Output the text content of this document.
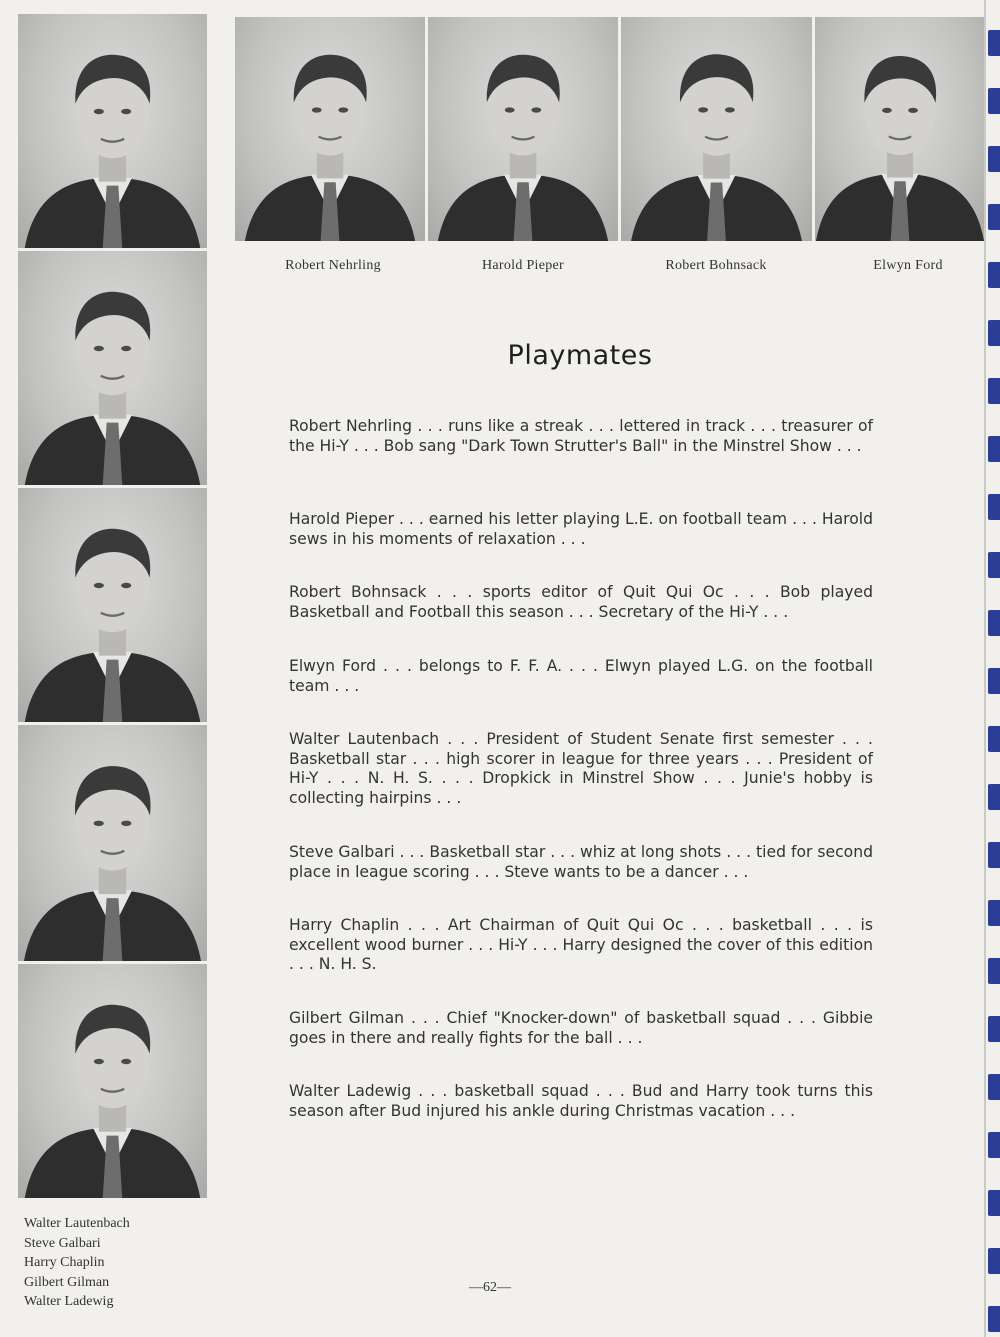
Robert Nehrling	Harold Pieper	Robert Bohnsack	Elwyn Ford
Playmates
Robert Nehrling . . . runs like a streak . . . lettered in track . . . treasurer of the Hi-Y . . . Bob sang "Dark Town Strutter's Ball" in the Minstrel Show . . .
Harold Pieper . . . earned his letter playing L.E. on football team . . . Harold sews in his moments of relaxation . . .
Robert Bohnsack . . . sports editor of Quit Qui Oc . . . Bob played Basketball and Football this season . . . Secretary of the Hi-Y . . .
Elwyn Ford . . . belongs to F. F. A. . . . Elwyn played L.G. on the football team . . .
Walter Lautenbach . . . President of Student Senate first semester . . . Basketball star . . . high scorer in league for three years . . . President of Hi-Y . . . N. H. S. . . . Dropkick in Minstrel Show . . . Junie's hobby is collecting hairpins . . .
Steve Galbari . . . Basketball star . . . whiz at long shots . . . tied for second place in league scoring . . . Steve wants to be a dancer . . .
Harry Chaplin . . . Art Chairman of Quit Qui Oc . . . basketball . . . is excellent wood burner . . . Hi-Y . . . Harry designed the cover of this edition . . . N. H. S.
Gilbert Gilman . . . Chief "Knocker-down" of basketball squad . . . Gibbie goes in there and really fights for the ball . . .
Walter Ladewig . . . basketball squad . . . Bud and Harry took turns this season after Bud injured his ankle during Christmas vacation . . .
Walter Lautenbach
Steve Galbari
Harry Chaplin
Gilbert Gilman
Walter Ladewig
—62—
